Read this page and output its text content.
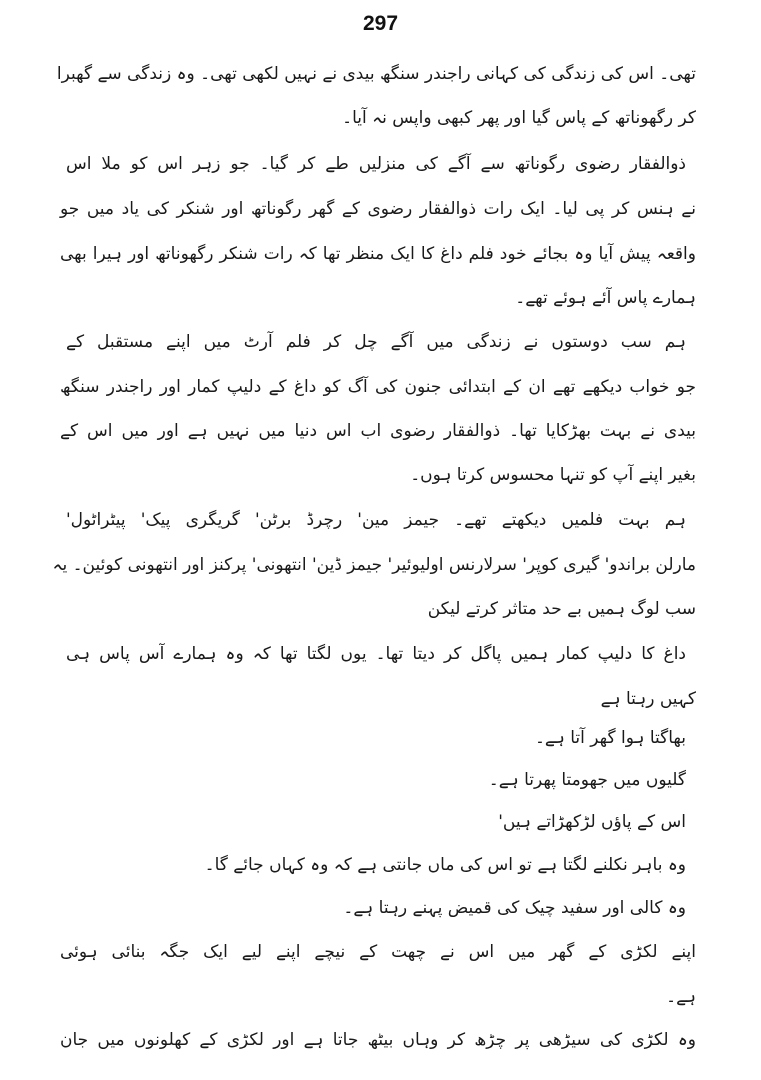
297
تھی۔ اس کی زندگی کی کہانی راجندر سنگھ بیدی نے نہیں لکھی تھی۔ وہ زندگی سے گھبرا
کر رگھوناتھ کے پاس گیا اور پھر کبھی واپس نہ آیا۔
ذوالفقار رضوی رگوناتھ سے آگے کی منزلیں طے کر گیا۔ جو زہر اس کو ملا اس
نے ہنس کر پی لیا۔ ایک رات ذوالفقار رضوی کے گھر رگوناتھ اور شنکر کی یاد میں جو
واقعہ پیش آیا وہ بجائے خود فلم داغ کا ایک منظر تھا کہ رات شنکر رگھوناتھ اور ہیرا بھی
ہمارے پاس آئے ہوئے تھے۔
ہم سب دوستوں نے زندگی میں آگے چل کر فلم آرٹ میں اپنے مستقبل کے
جو خواب دیکھے تھے ان کے ابتدائی جنون کی آگ کو داغ کے دلیپ کمار اور راجندر سنگھ
بیدی نے بہت بھڑکایا تھا۔ ذوالفقار رضوی اب اس دنیا میں نہیں ہے اور میں اس کے
بغیر اپنے آپ کو تنہا محسوس کرتا ہوں۔
ہم بہت فلمیں دیکھتے تھے۔ جیمز مین' رچرڈ برٹن' گریگری پیک' پیٹراٹول'
مارلن براندو' گیری کوپر' سرلارنس اولیوئیر' جیمز ڈین' انتھونی' پرکنز اور انتھونی کوئین۔ یہ
سب لوگ ہمیں بے حد متاثر کرتے لیکن
داغ کا دلیپ کمار ہمیں پاگل کر دیتا تھا۔ یوں لگتا تھا کہ وہ ہمارے آس پاس ہی
کہیں رہتا ہے
بھاگتا ہوا گھر آتا ہے۔
گلیوں میں جھومتا پھرتا ہے۔
اس کے پاؤں لڑکھڑاتے ہیں'
وہ باہر نکلنے لگتا ہے تو اس کی ماں جانتی ہے کہ وہ کہاں جائے گا۔
وہ کالی اور سفید چیک کی قمیض پہنے رہتا ہے۔
اپنے لکڑی کے گھر میں اس نے چھت کے نیچے اپنے لیے ایک جگہ بنائی ہوئی
ہے۔
وہ لکڑی کی سیڑھی پر چڑھ کر وہاں بیٹھ جاتا ہے اور لکڑی کے کھلونوں میں جان
